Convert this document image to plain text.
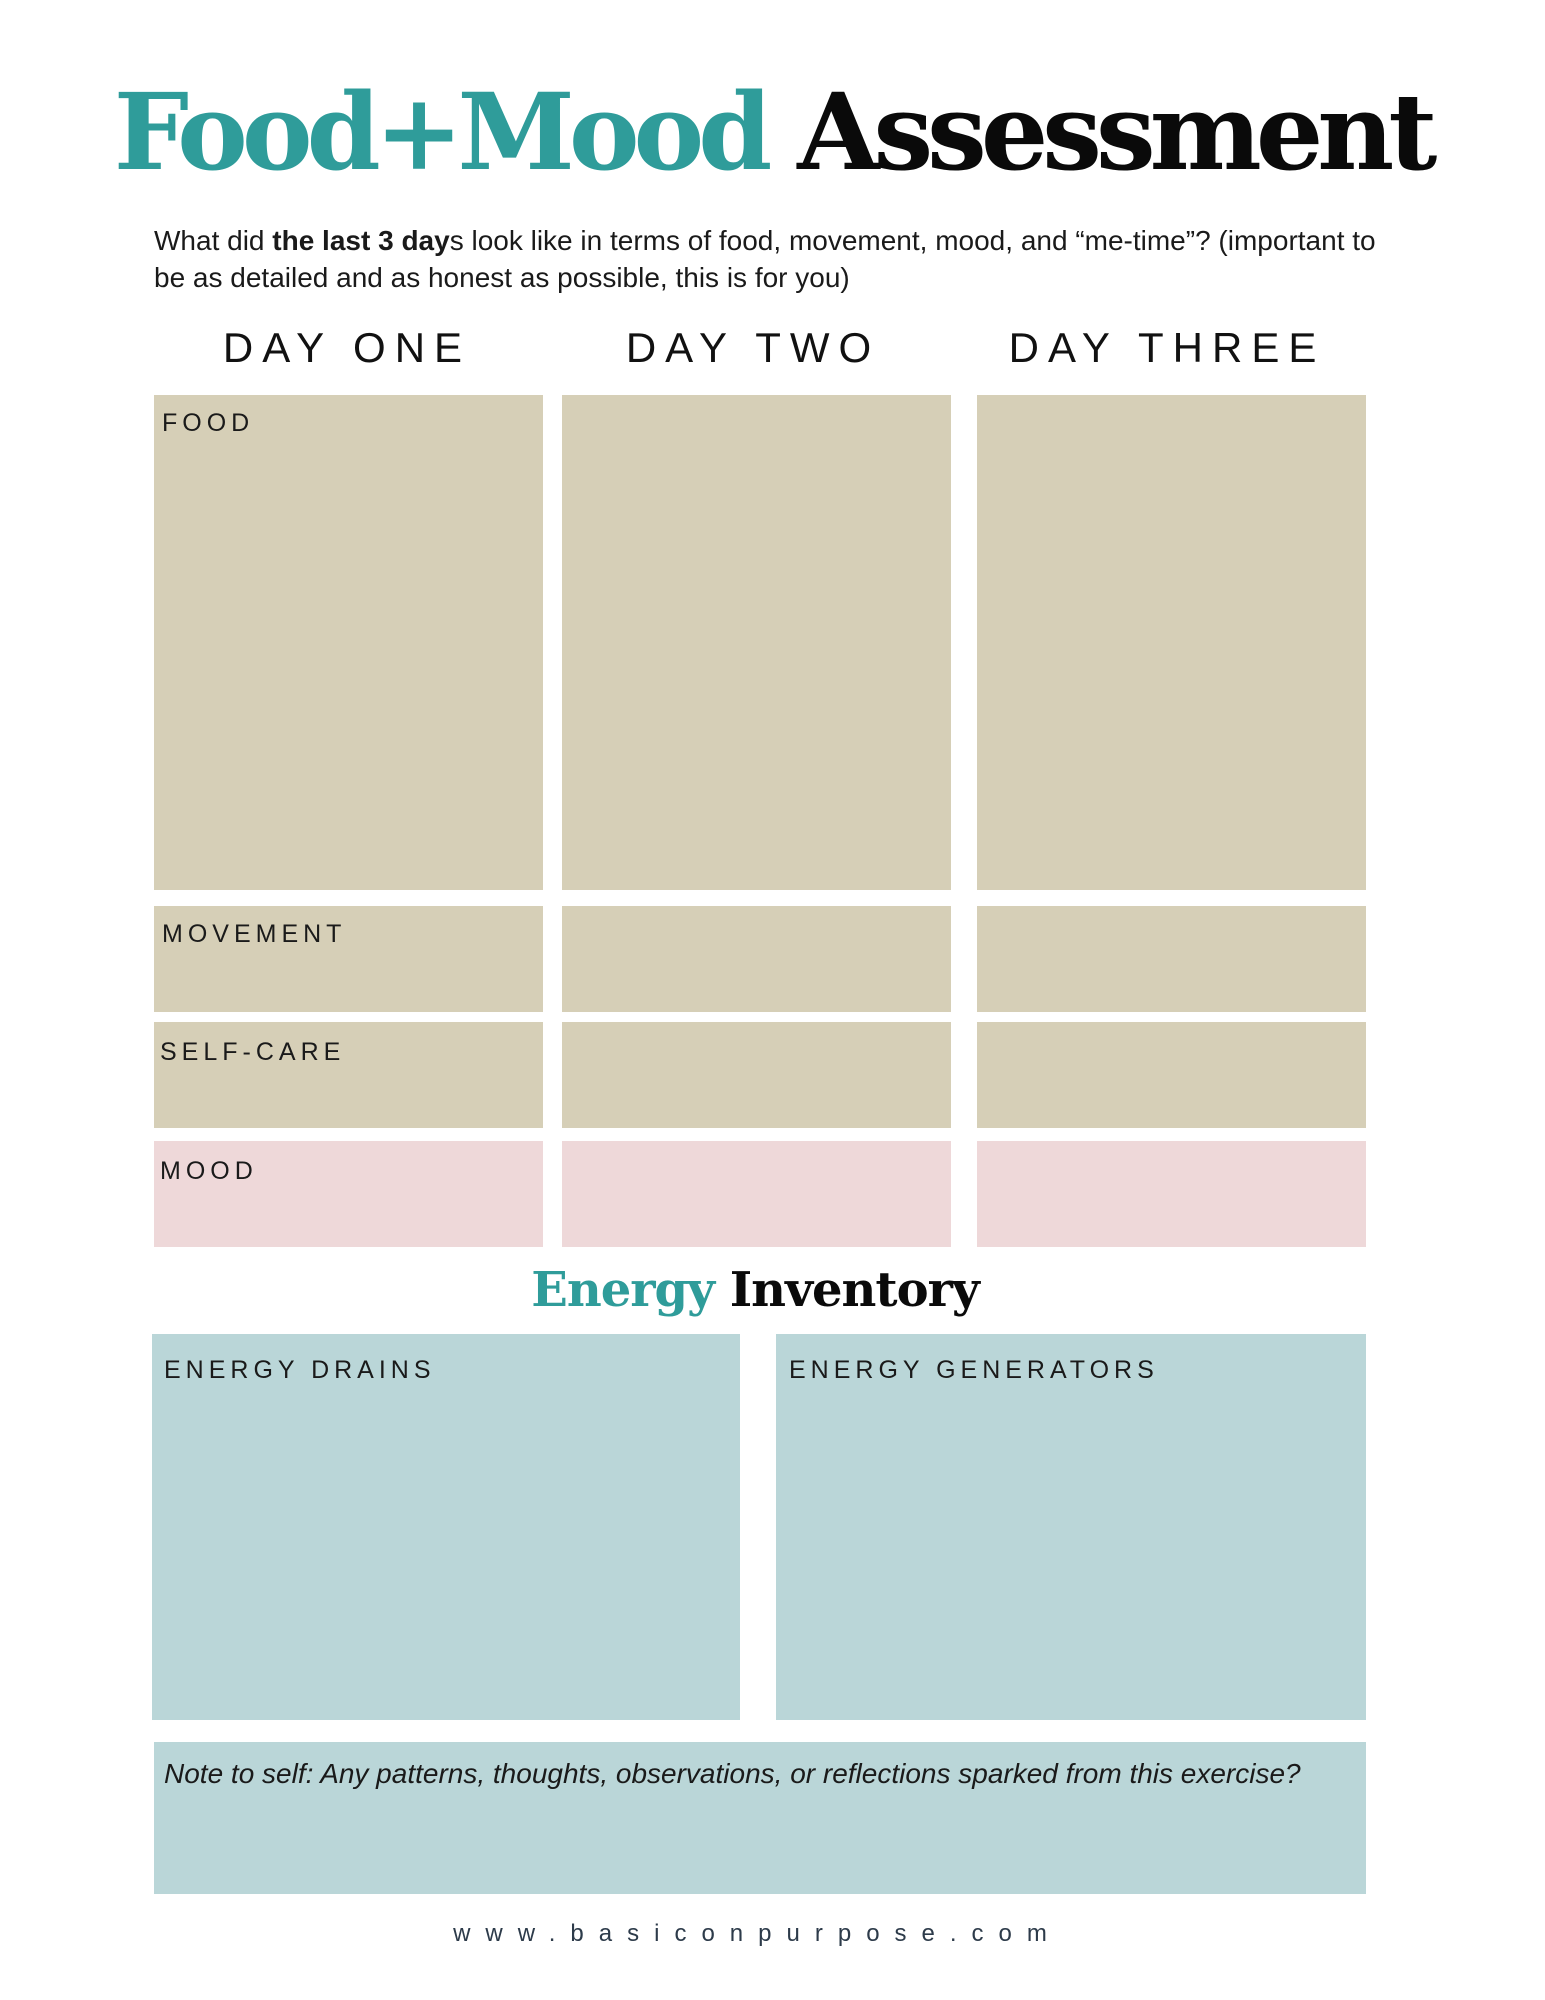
Food+Mood Assessment
What did the last 3 days look like in terms of food, movement, mood, and “me-time”? (important to be as detailed and as honest as possible, this is for you)
DAY ONE	DAY TWO	DAY THREE
FOOD
MOVEMENT
SELF-CARE
MOOD
Energy Inventory
ENERGY DRAINS	ENERGY GENERATORS
Note to self: Any patterns, thoughts, observations, or reflections sparked from this exercise?
www.basiconpurpose.com
